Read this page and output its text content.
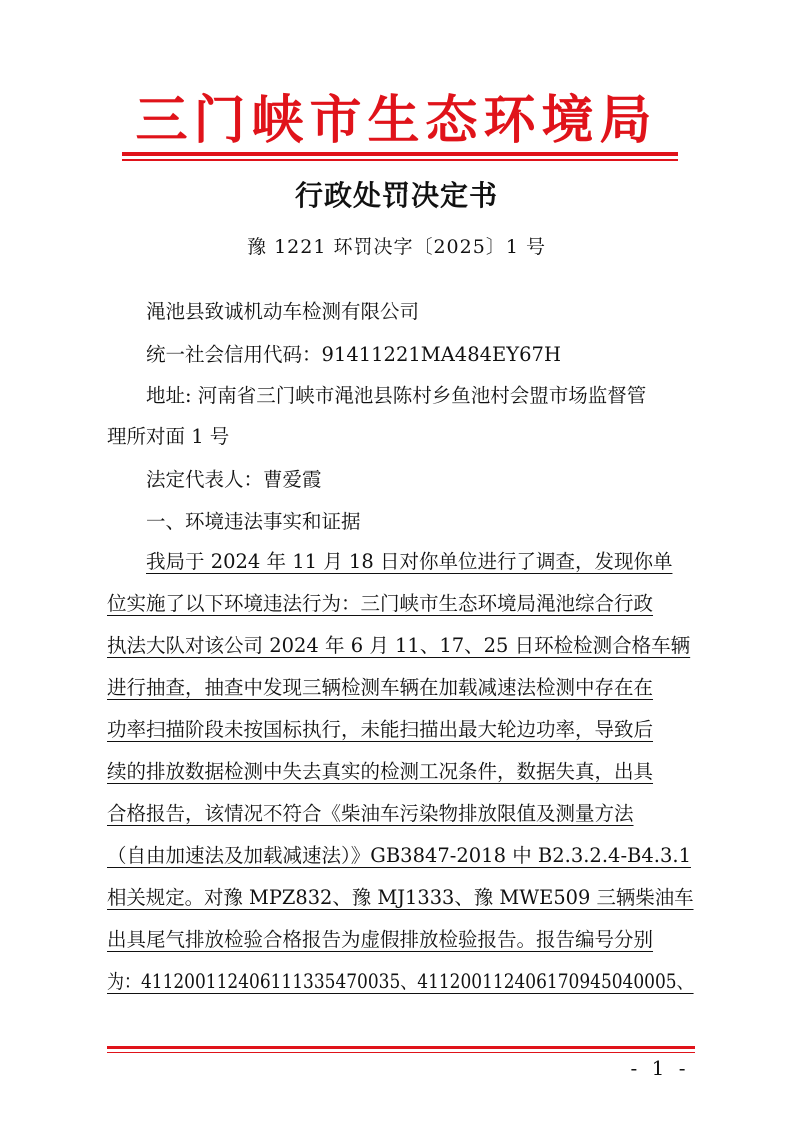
三门峡市生态环境局
行政处罚决定书
豫 1221 环罚决字〔2025〕1 号
渑池县致诚机动车检测有限公司
统一社会信用代码：91411221MA484EY67H
地址: 河南省三门峡市渑池县陈村乡鱼池村会盟市场监督管
理所对面 1 号
法定代表人：曹爱霞
一、环境违法事实和证据
我局于 2024 年 11 月 18 日对你单位进行了调查，发现你单
位实施了以下环境违法行为：三门峡市生态环境局渑池综合行政
执法大队对该公司 2024 年 6 月 11、17、25 日环检检测合格车辆
进行抽查，抽查中发现三辆检测车辆在加载减速法检测中存在在
功率扫描阶段未按国标执行，未能扫描出最大轮边功率，导致后
续的排放数据检测中失去真实的检测工况条件，数据失真，出具
合格报告，该情况不符合《柴油车污染物排放限值及测量方法
（自由加速法及加载减速法）》GB3847-2018 中 B2.3.2.4-B4.3.1
相关规定。对豫 MPZ832、豫 MJ1333、豫 MWE509 三辆柴油车
出具尾气排放检验合格报告为虚假排放检验报告。报告编号分别
为：411200112406111335470035、411200112406170945040005、
- 1 -
